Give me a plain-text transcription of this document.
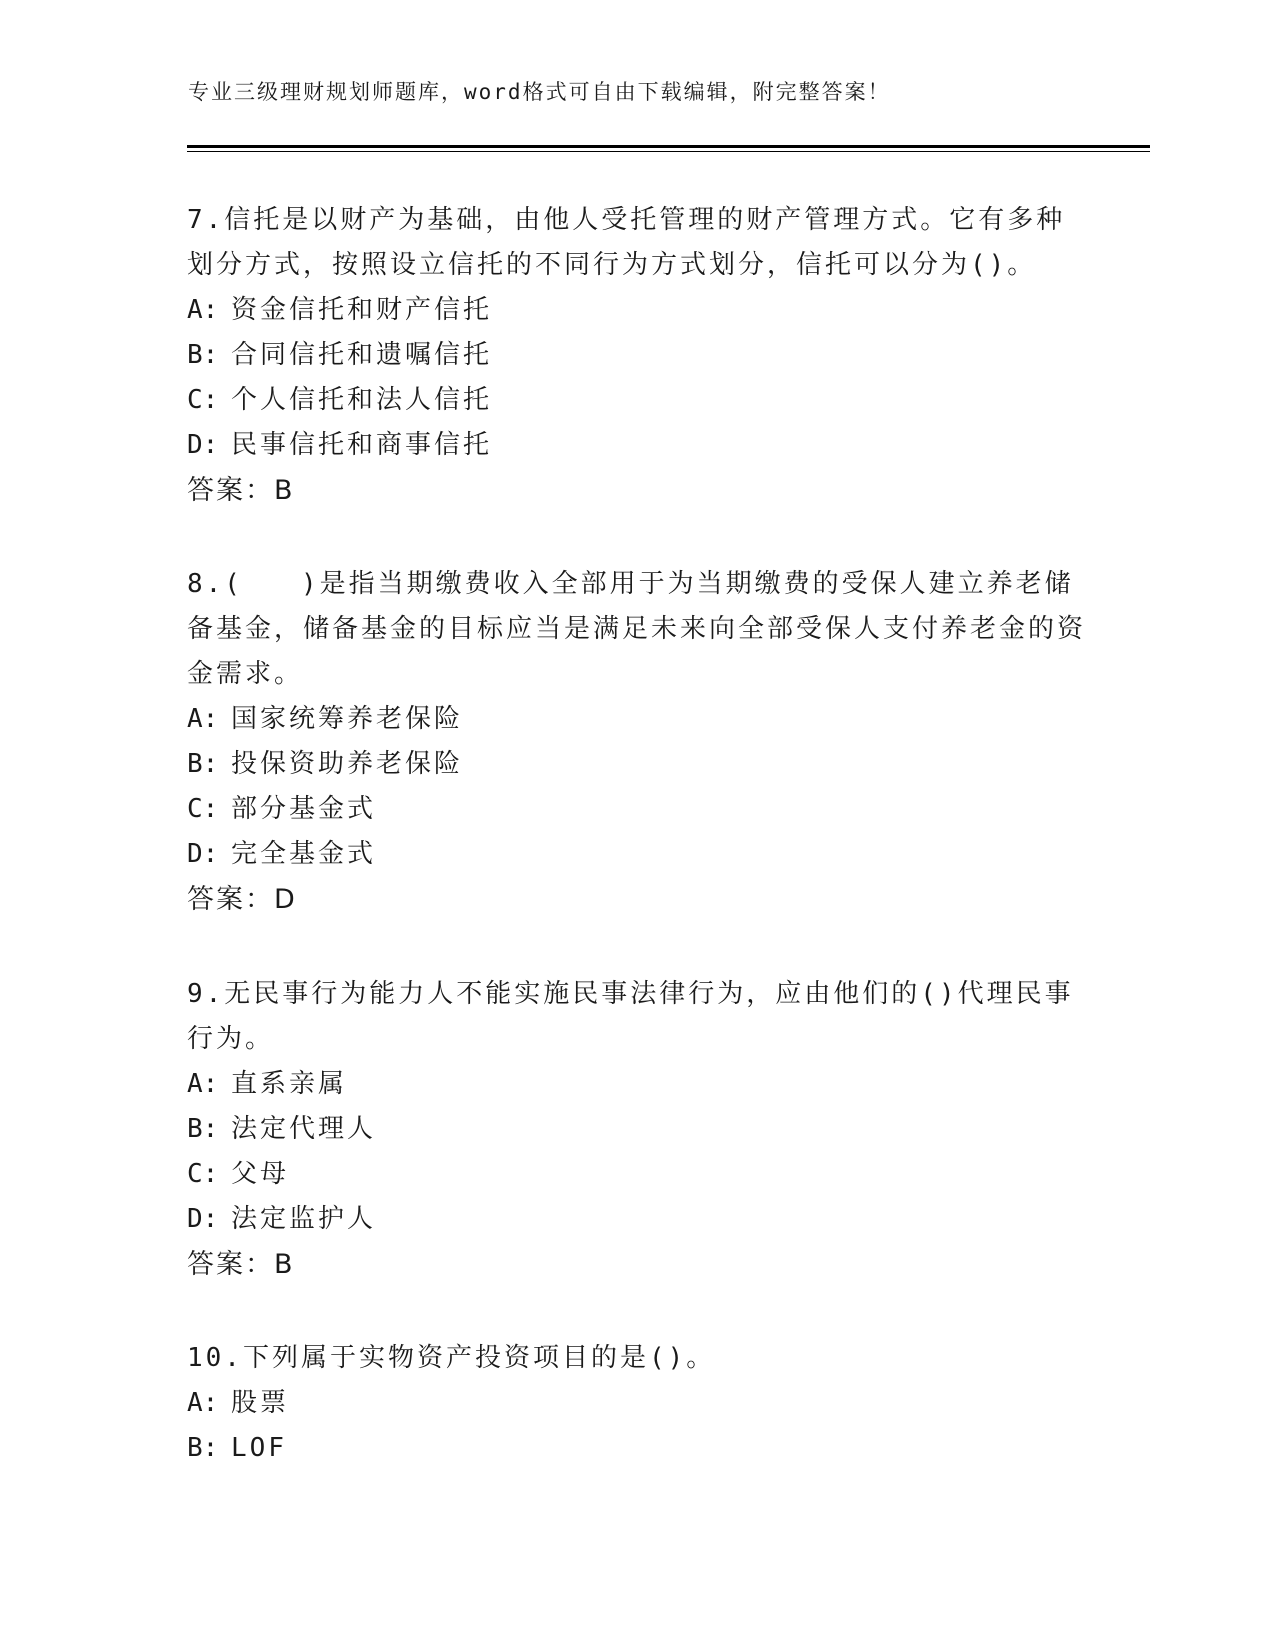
专业三级理财规划师题库，word格式可自由下载编辑，附完整答案！

7.信托是以财产为基础，由他人受托管理的财产管理方式。它有多种划分方式，按照设立信托的不同行为方式划分，信托可以分为()。

A: 资金信托和财产信托
B: 合同信托和遗嘱信托
C: 个人信托和法人信托
D: 民事信托和商事信托
答案：B

8.(　　)是指当期缴费收入全部用于为当期缴费的受保人建立养老储备基金，储备基金的目标应当是满足未来向全部受保人支付养老金的资金需求。

A: 国家统筹养老保险
B: 投保资助养老保险
C: 部分基金式
D: 完全基金式
答案：D

9.无民事行为能力人不能实施民事法律行为，应由他们的()代理民事行为。

A: 直系亲属
B: 法定代理人
C: 父母
D: 法定监护人
答案：B

10.下列属于实物资产投资项目的是()。

A: 股票
B: LOF
